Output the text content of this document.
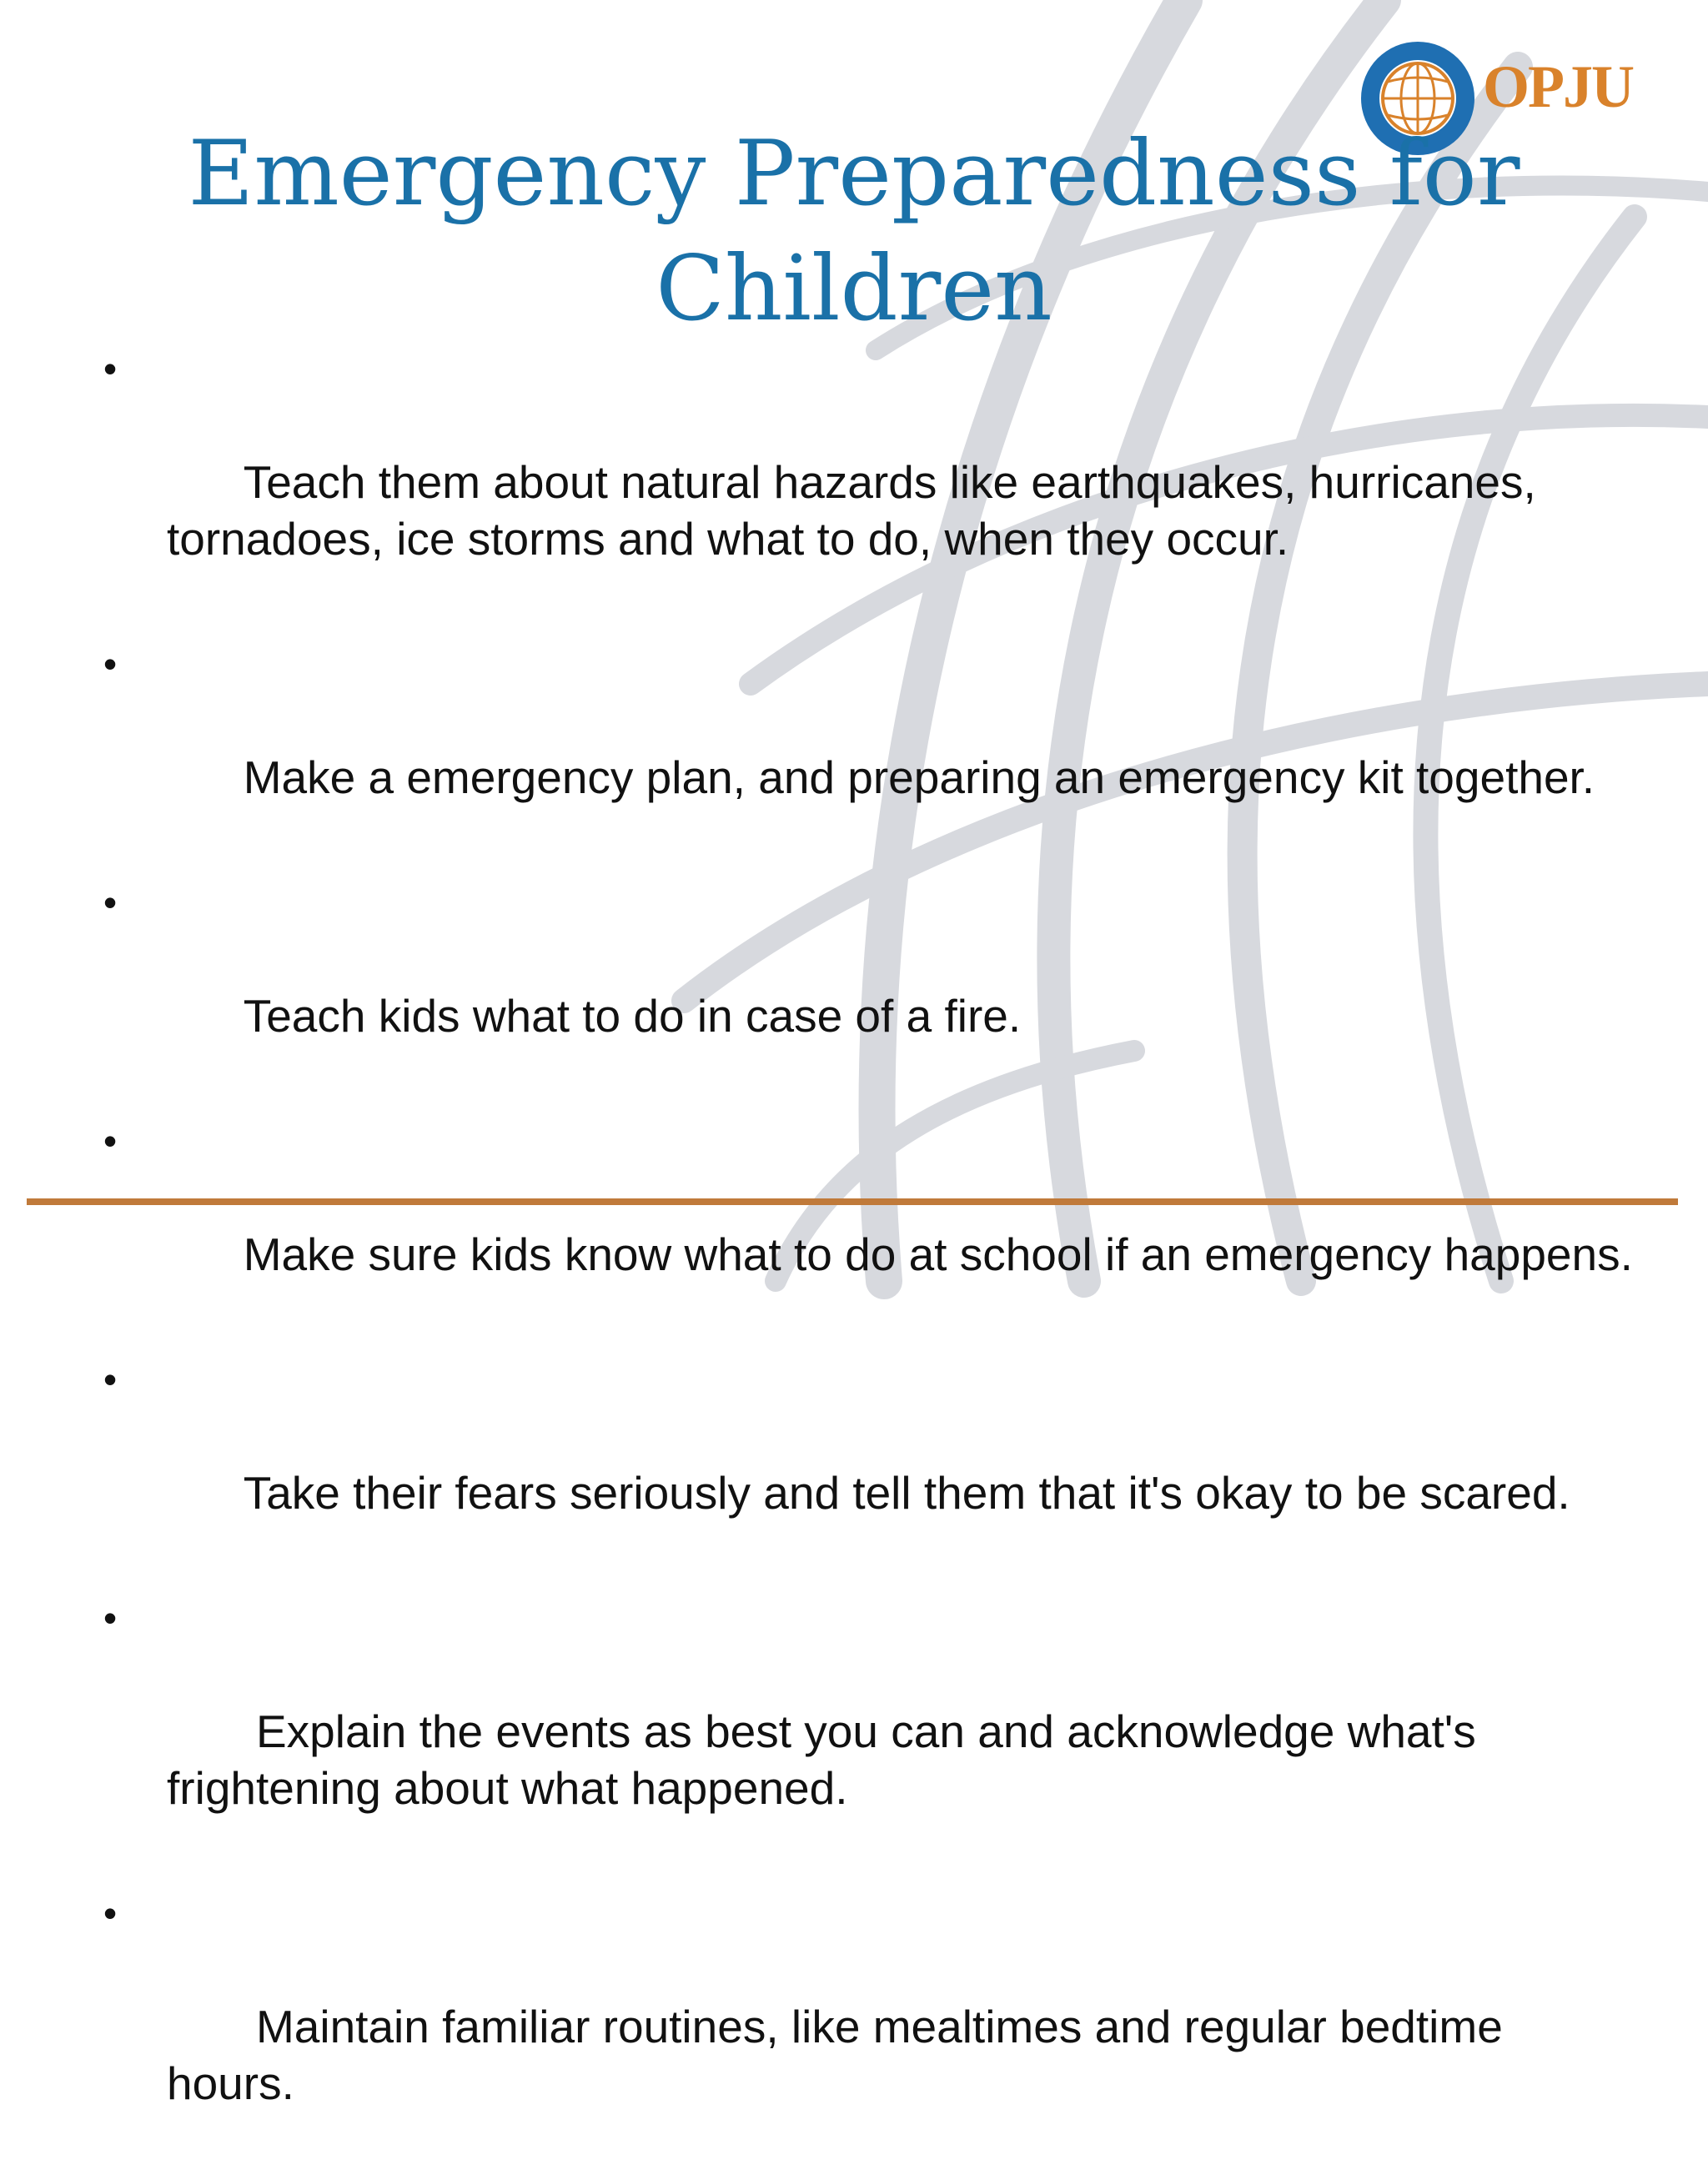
OPJU
Emergency Preparedness for
Children

•

Teach them about natural hazards like earthquakes, hurricanes, tornadoes, ice storms and what to do, when they occur.

•

Make a emergency plan, and preparing an emergency kit together.

•

Teach kids what to do in case of a fire.

•

Make sure kids know what to do at school if an emergency happens.

•

Take their fears seriously and tell them that it's okay to be scared.

•

Explain the events as best you can and acknowledge what's frightening about what happened.

•

Maintain familiar routines, like mealtimes and regular bedtime hours.
